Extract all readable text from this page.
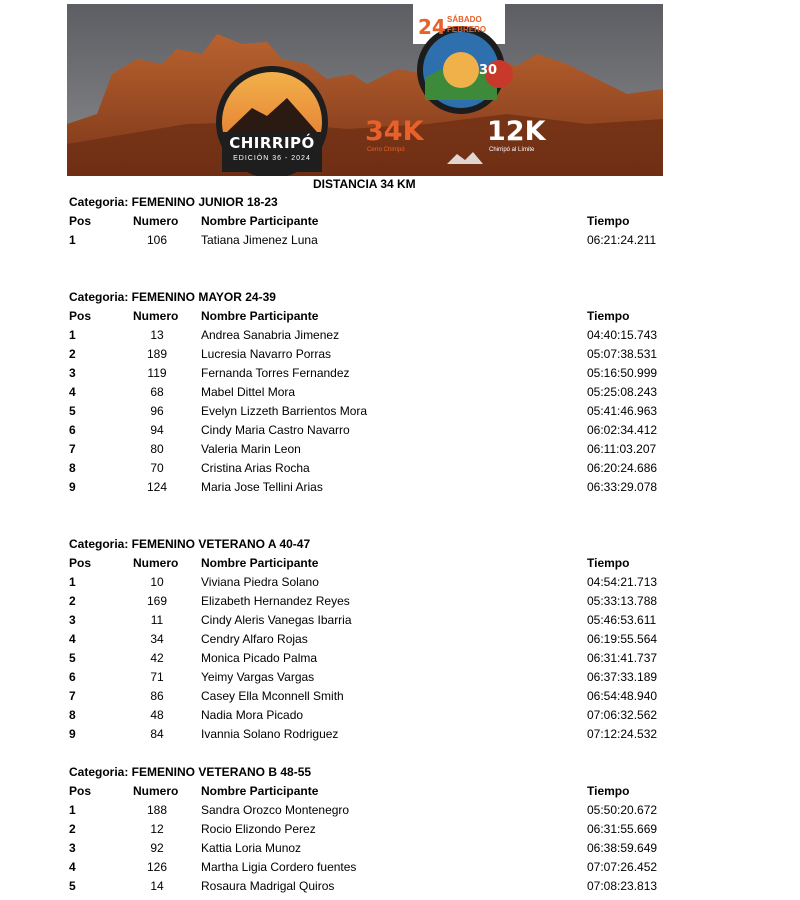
CHIRRIPÓ
EDICIÓN 36 - 2024
24 SÁBADO
FEBRERO
30
34K
Cerro Chirripó
12K
Chirripó al Límite
DISTANCIA 34 KM
Categoria: FEMENINO JUNIOR 18-23
Pos	Numero Nombre Participante	Tiempo
1	106	Tatiana Jimenez Luna	06:21:24.211
Categoria: FEMENINO MAYOR 24-39
Pos	Numero Nombre Participante	Tiempo
1	13	Andrea Sanabria Jimenez	04:40:15.743
2	189	Lucresia Navarro Porras	05:07:38.531
3	119	Fernanda Torres Fernandez	05:16:50.999
4	68	Mabel Dittel Mora	05:25:08.243
5	96	Evelyn Lizzeth Barrientos Mora	05:41:46.963
6	94	Cindy Maria Castro Navarro	06:02:34.412
7	80	Valeria Marin Leon	06:11:03.207
8	70	Cristina Arias Rocha	06:20:24.686
9	124	Maria Jose Tellini Arias	06:33:29.078
Categoria: FEMENINO VETERANO A 40-47
Pos	Numero Nombre Participante	Tiempo
1	10	Viviana Piedra Solano	04:54:21.713
2	169	Elizabeth Hernandez Reyes	05:33:13.788
3	11	Cindy Aleris Vanegas Ibarria	05:46:53.611
4	34	Cendry Alfaro Rojas	06:19:55.564
5	42	Monica Picado Palma	06:31:41.737
6	71	Yeimy Vargas Vargas	06:37:33.189
7	86	Casey Ella Mconnell Smith	06:54:48.940
8	48	Nadia Mora Picado	07:06:32.562
9	84	Ivannia Solano Rodriguez	07:12:24.532
Categoria: FEMENINO VETERANO B 48-55
Pos	Numero Nombre Participante	Tiempo
1	188	Sandra Orozco Montenegro	05:50:20.672
2	12	Rocio Elizondo Perez	06:31:55.669
3	92	Kattia Loria Munoz	06:38:59.649
4	126	Martha Ligia Cordero fuentes	07:07:26.452
5	14	Rosaura Madrigal Quiros	07:08:23.813
